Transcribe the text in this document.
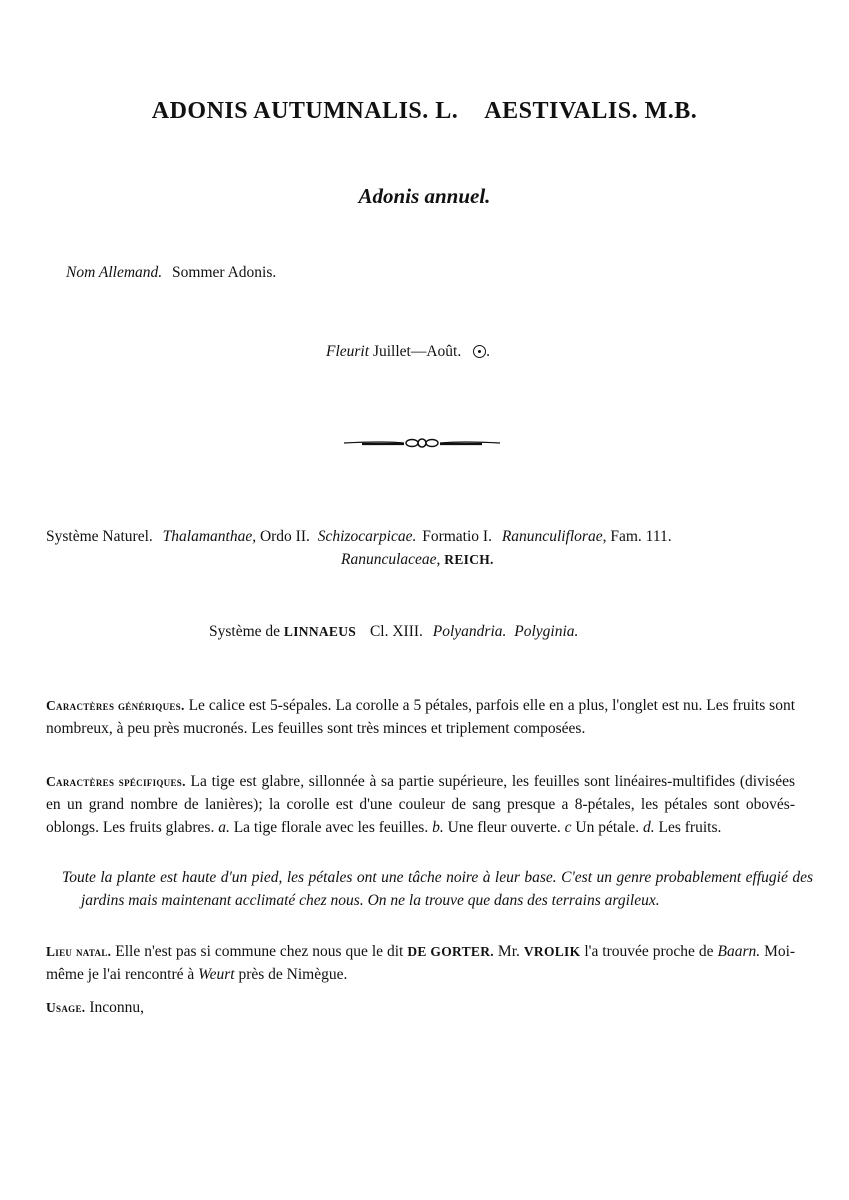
ADONIS AUTUMNALIS. L. AESTIVALIS. M.B.
Adonis annuel.
Nom Allemand. Sommer Adonis.
Fleurit Juillet—Août. .
Système Naturel. Thalamanthae, Ordo II. Schizocarpicae. Formatio I. Ranunculiflorae, Fam. 111.
Ranunculaceae, REICH.
Système de LINNAEUS Cl. XIII. Polyandria. Polyginia.
Caractères génériques. Le calice est 5-sépales. La corolle a 5 pétales, parfois elle en a plus, l'onglet est nu. Les fruits sont nombreux, à peu près mucronés. Les feuilles sont très minces et triplement composées.
Caractères spécifiques. La tige est glabre, sillonnée à sa partie supérieure, les feuilles sont linéaires-multifides (divisées en un grand nombre de lanières); la corolle est d'une couleur de sang presque a 8-pétales, les pétales sont obovés-oblongs. Les fruits glabres. a. La tige florale avec les feuilles. b. Une fleur ouverte. c Un pétale. d. Les fruits.
Toute la plante est haute d'un pied, les pétales ont une tâche noire à leur base. C'est un genre probablement effugié des jardins mais maintenant acclimaté chez nous. On ne la trouve que dans des terrains argileux.
Lieu natal. Elle n'est pas si commune chez nous que le dit DE GORTER. Mr. VROLIK l'a trouvée proche de Baarn. Moi-même je l'ai rencontré à Weurt près de Nimègue.
Usage. Inconnu,
